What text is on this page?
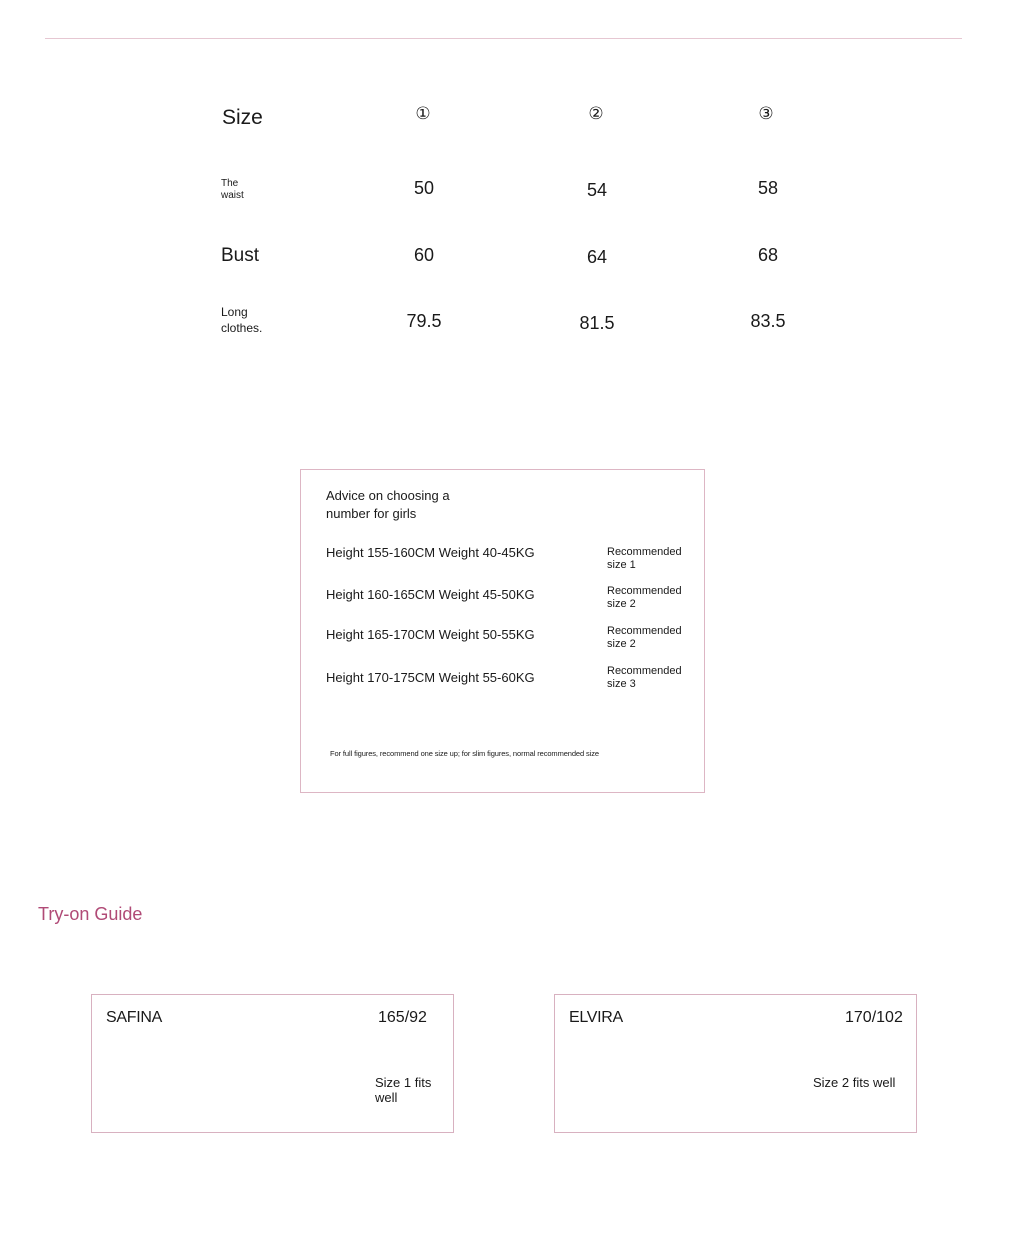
Size	①	②	③
The
waist	50	54	58
Bust	60	64	68
Long
clothes.	79.5	81.5	83.5
Advice on choosing a
number for girls
Height 155-160CM Weight 40-45KG	Recommended
size 1
Height 160-165CM Weight 45-50KG	Recommended
size 2
Height 165-170CM Weight 50-55KG	Recommended
size 2
Height 170-175CM Weight 55-60KG	Recommended
size 3
For full figures, recommend one size up; for slim figures, normal recommended size
Try-on Guide
SAFINA	165/92
Size 1 fits well
ELVIRA	170/102
Size 2 fits well
